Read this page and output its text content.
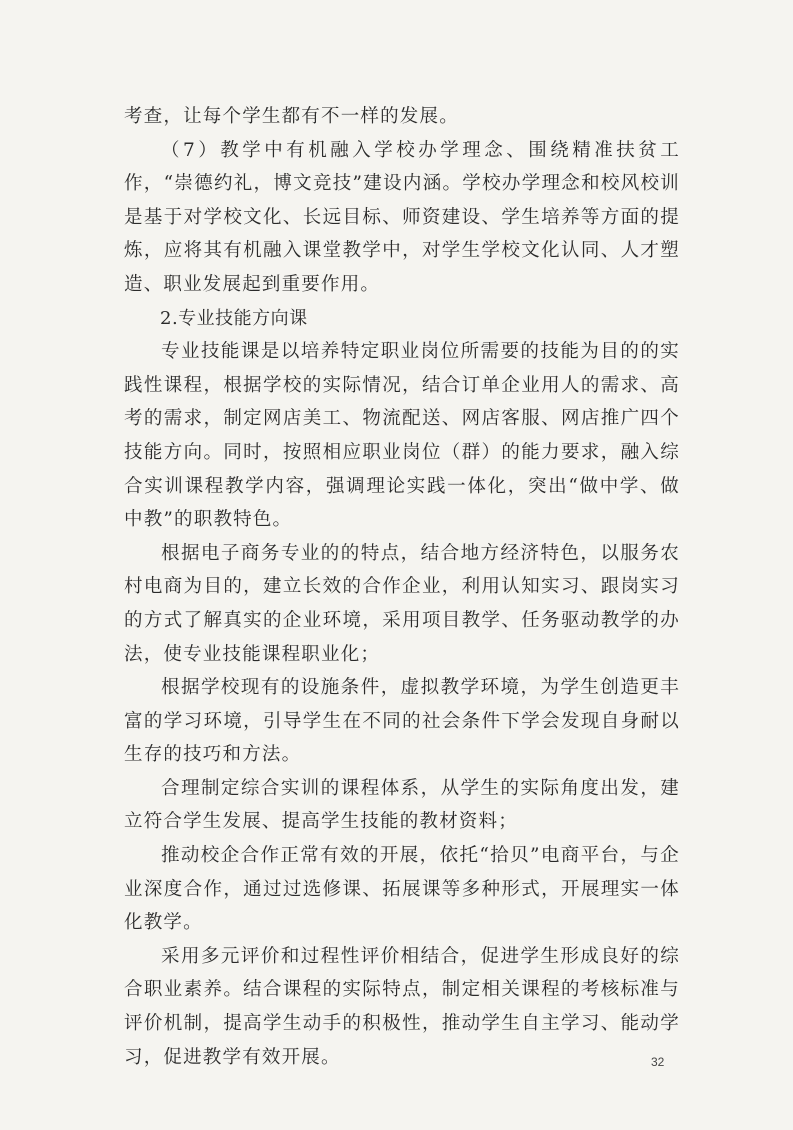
考查，让每个学生都有不一样的发展。

（7）教学中有机融入学校办学理念、围绕精准扶贫工作，“崇德约礼，博文竞技”建设内涵。学校办学理念和校风校训是基于对学校文化、长远目标、师资建设、学生培养等方面的提炼，应将其有机融入课堂教学中，对学生学校文化认同、人才塑造、职业发展起到重要作用。

2.专业技能方向课

专业技能课是以培养特定职业岗位所需要的技能为目的的实践性课程，根据学校的实际情况，结合订单企业用人的需求、高考的需求，制定网店美工、物流配送、网店客服、网店推广四个技能方向。同时，按照相应职业岗位（群）的能力要求，融入综合实训课程教学内容，强调理论实践一体化，突出“做中学、做中教”的职教特色。

根据电子商务专业的的特点，结合地方经济特色，以服务农村电商为目的，建立长效的合作企业，利用认知实习、跟岗实习的方式了解真实的企业环境，采用项目教学、任务驱动教学的办法，使专业技能课程职业化；

根据学校现有的设施条件，虚拟教学环境，为学生创造更丰富的学习环境，引导学生在不同的社会条件下学会发现自身耐以生存的技巧和方法。

合理制定综合实训的课程体系，从学生的实际角度出发，建立符合学生发展、提高学生技能的教材资料；

推动校企合作正常有效的开展，依托“拾贝”电商平台，与企业深度合作，通过过选修课、拓展课等多种形式，开展理实一体化教学。

采用多元评价和过程性评价相结合，促进学生形成良好的综合职业素养。结合课程的实际特点，制定相关课程的考核标准与评价机制，提高学生动手的积极性，推动学生自主学习、能动学习，促进教学有效开展。	32
